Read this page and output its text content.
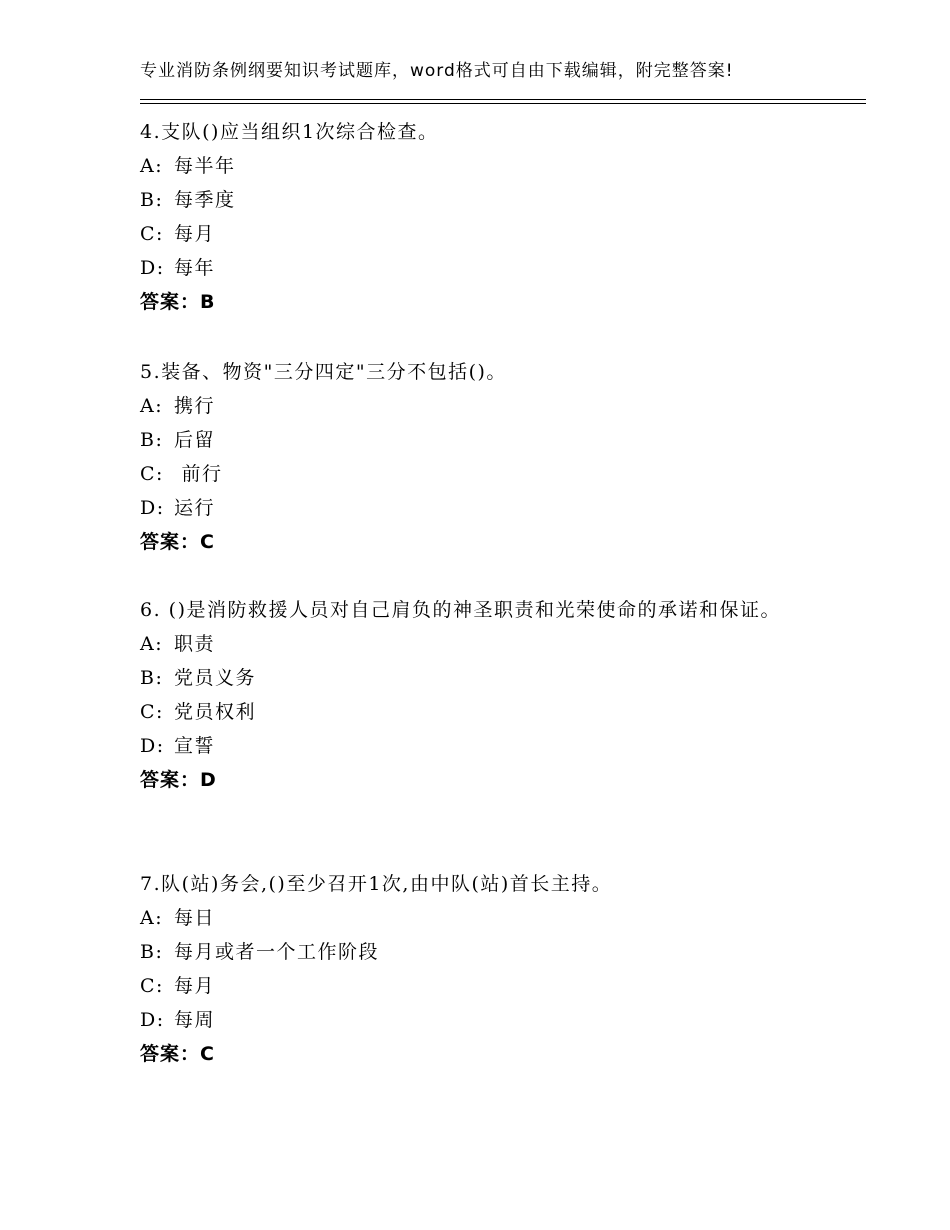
专业消防条例纲要知识考试题库，word格式可自由下载编辑，附完整答案!

4.支队()应当组织1次综合检查。

A: 每半年
B: 每季度
C: 每月
D: 每年
答案：B

5.装备、物资"三分四定"三分不包括()。

A: 携行
B: 后留
C: 前行
D: 运行
答案：C

6. ()是消防救援人员对自己肩负的神圣职责和光荣使命的承诺和保证。

A: 职责
B: 党员义务
C: 党员权利
D: 宣誓
答案：D

7.队(站)务会,()至少召开1次,由中队(站)首长主持。

A: 每日
B: 每月或者一个工作阶段
C: 每月
D: 每周
答案：C
